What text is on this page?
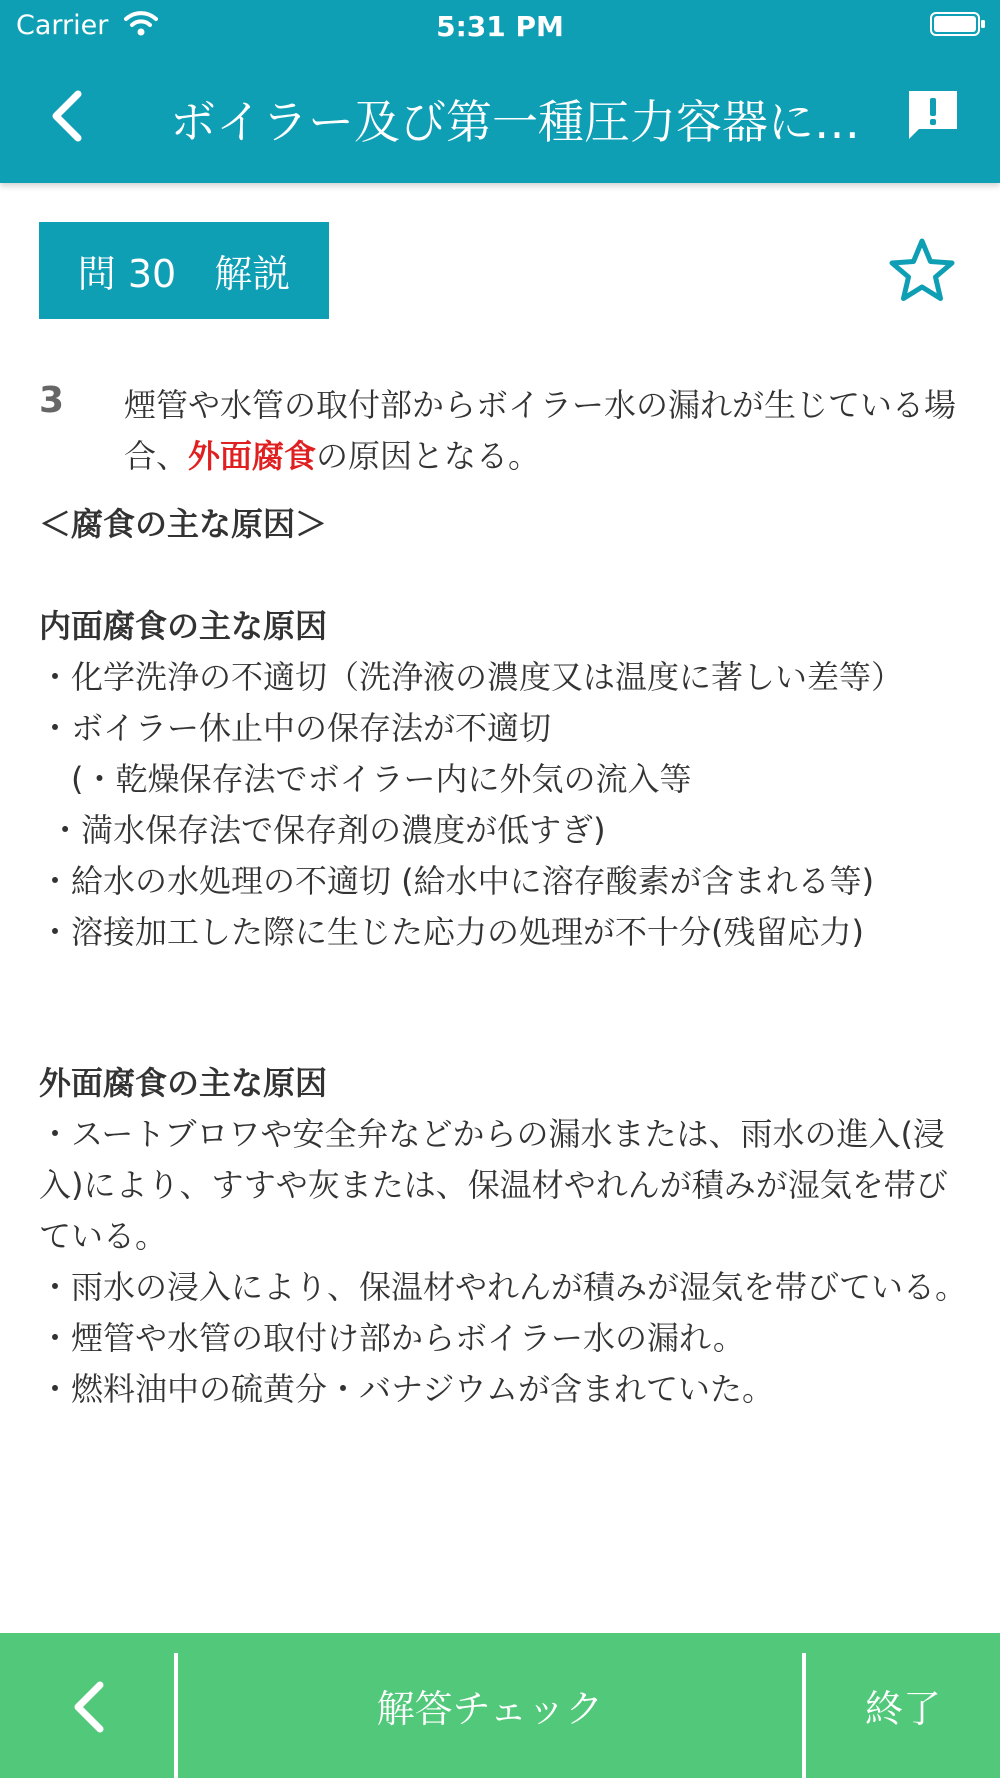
Carrier	5:31 PM
ボイラー及び第一種圧力容器に…
問 30　解説
3 煙管や水管の取付部からボイラー水の漏れが生じている場合、外面腐食の原因となる。
＜腐食の主な原因＞
内面腐食の主な原因
・化学洗浄の不適切（洗浄液の濃度又は温度に著しい差等）
・ボイラー休止中の保存法が不適切
　(・乾燥保存法でボイラー内に外気の流入等
・満水保存法で保存剤の濃度が低すぎ)
・給水の水処理の不適切 (給水中に溶存酸素が含まれる等)
・溶接加工した際に生じた応力の処理が不十分(残留応力)
外面腐食の主な原因
・スートブロワや安全弁などからの漏水または、雨水の進入(浸入)により、すすや灰または、保温材やれんが積みが湿気を帯びている。
・雨水の浸入により、保温材やれんが積みが湿気を帯びている。
・煙管や水管の取付け部からボイラー水の漏れ。
・燃料油中の硫黄分・バナジウムが含まれていた。
解答チェック	終了
